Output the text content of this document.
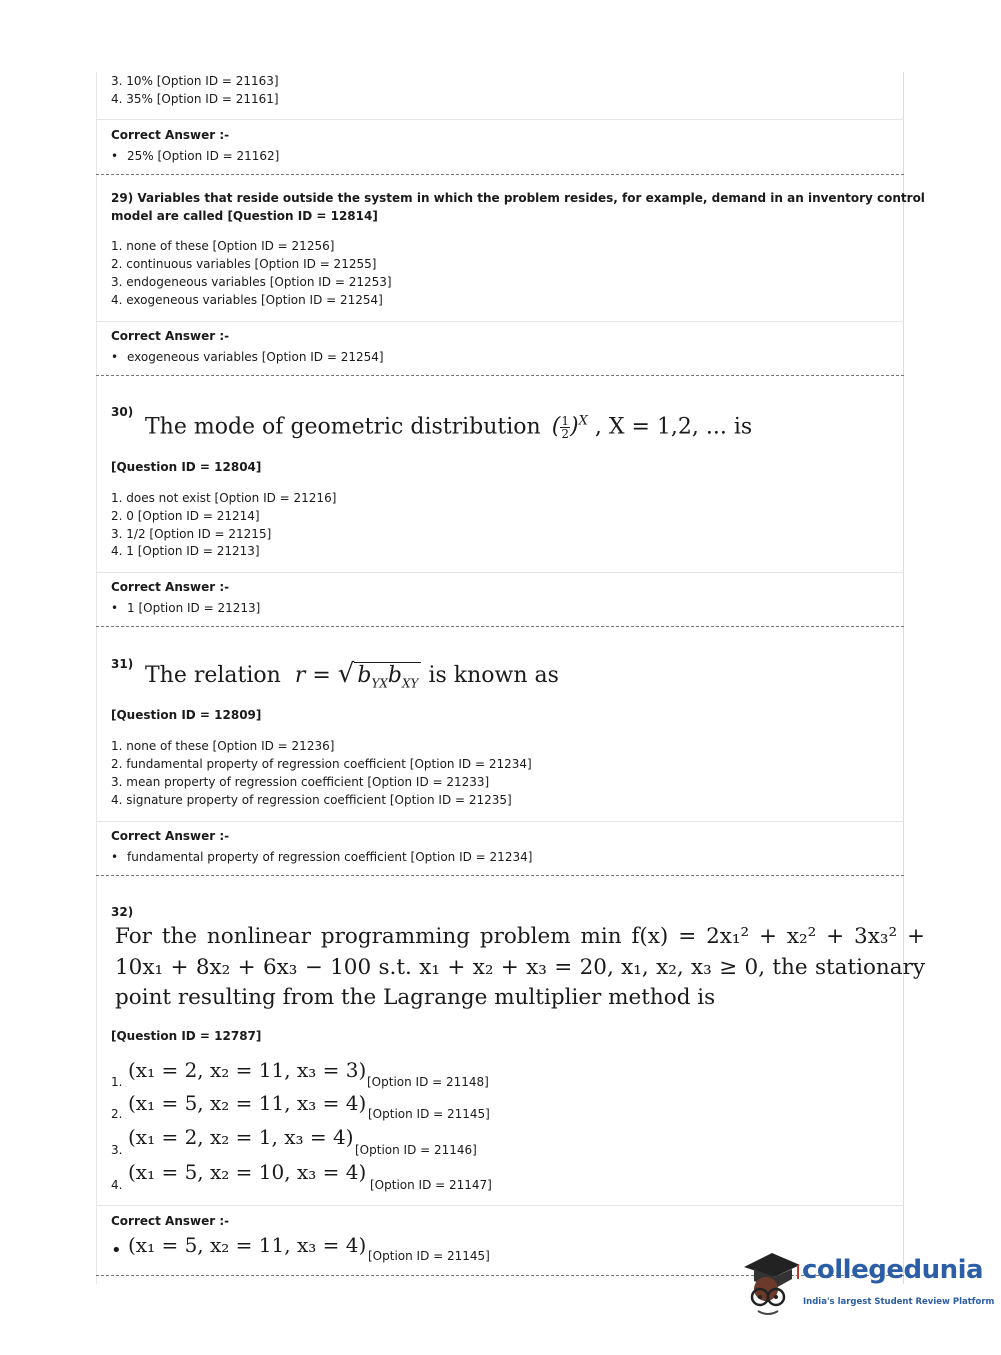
3. 10% [Option ID = 21163]
4. 35% [Option ID = 21161]
Correct Answer :-
• 25% [Option ID = 21162]
29) Variables that reside outside the system in which the problem resides, for example, demand in an inventory control
model are called [Question ID = 12814]
1. none of these [Option ID = 21256]
2. continuous variables [Option ID = 21255]
3. endogeneous variables [Option ID = 21253]
4. exogeneous variables [Option ID = 21254]
Correct Answer :-
• exogeneous variables [Option ID = 21254]
30)
The mode of geometric distribution ( $\frac{1}{2} )^X$ , X = 1,2, ... is
[Question ID = 12804]
1. does not exist [Option ID = 21216]
2. 0 [Option ID = 21214]
3. 1/2 [Option ID = 21215]
4. 1 [Option ID = 21213]
Correct Answer :-
• 1 [Option ID = 21213]
31) The relation  r = √ $b_{YX}b_{XY}$ is known as
[Question ID = 12809]
1. none of these [Option ID = 21236]
2. fundamental property of regression coefficient [Option ID = 21234]
3. mean property of regression coefficient [Option ID = 21233]
4. signature property of regression coefficient [Option ID = 21235]
Correct Answer :-
• fundamental property of regression coefficient [Option ID = 21234]
32)
For the nonlinear programming problem min f(x) = 2x₁² + x₂² + 3x₃² + 10x₁ + 8x₂ + 6x₃ − 100 s.t. x₁ + x₂ + x₃ = 20, x₁, x₂, x₃ ≥ 0, the stationary point resulting from the Lagrange multiplier method is
[Question ID = 12787]
1. (x₁ = 2, x₂ = 11, x₃ = 3) [Option ID = 21148]
2. (x₁ = 5, x₂ = 11, x₃ = 4) [Option ID = 21145]
3.
(x₁ = 2, x₂ = 1, x₃ = 4)
[Option ID = 21146]
4.
(x₁ = 5, x₂ = 10, x₃ = 4)
[Option ID = 21147]
Correct Answer :-
• (x₁ = 5, x₂ = 11, x₃ = 4) [Option ID = 21145]	collegedunia
India's largest Student Review Platform
